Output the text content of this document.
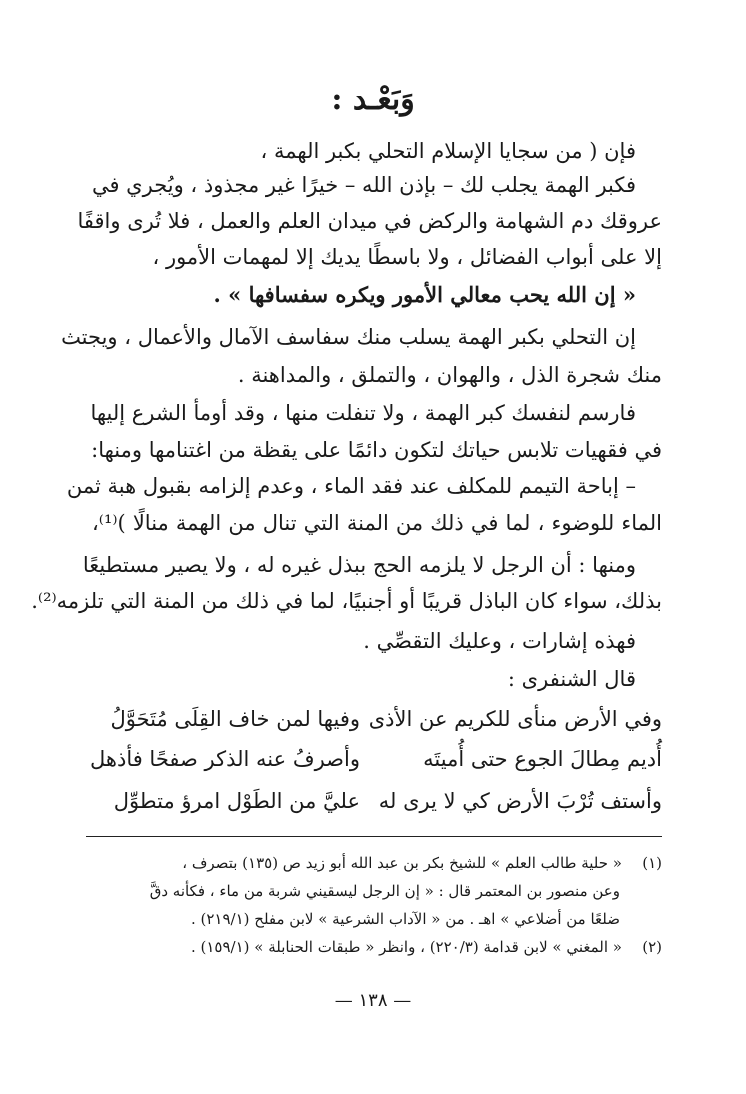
وَبَعْـد :
فإن ( من سجايا الإسلام التحلي بكبر الهمة ،
فكبر الهمة يجلب لك – بإذن الله – خيرًا غير مجذوذ ، ويُجري في
عروقك دم الشهامة والركض في ميدان العلم والعمل ، فلا تُرى واقفًا
إلا على أبواب الفضائل ، ولا باسطًا يديك إلا لمهمات الأمور ،
« إن الله يحب معالي الأمور ويكره سفسافها » .
إن التحلي بكبر الهمة يسلب منك سفاسف الآمال والأعمال ، ويجتث
منك شجرة الذل ، والهوان ، والتملق ، والمداهنة .
فارسم لنفسك كبر الهمة ، ولا تنفلت منها ، وقد أومأ الشرع إليها
في فقهيات تلابس حياتك لتكون دائمًا على يقظة من اغتنامها ومنها:
– إباحة التيمم للمكلف عند فقد الماء ، وعدم إلزامه بقبول هبة ثمن
الماء للوضوء ، لما في ذلك من المنة التي تنال من الهمة منالًا )⁽¹⁾،
ومنها : أن الرجل لا يلزمه الحج ببذل غيره له ، ولا يصير مستطيعًا
بذلك، سواء كان الباذل قريبًا أو أجنبيًا، لما في ذلك من المنة التي تلزمه⁽²⁾.
فهذه إشارات ، وعليك التقصِّي .
قال الشنفرى :
وفي الأرض منأى للكريم عن الأذى
وفيها لمن خاف القِلَى مُتَحَوَّلُ
أُديم مِطالَ الجوع حتى أُميتَه
وأصرفُ عنه الذكر صفحًا فأذهل
وأستف تُرْبَ الأرض كي لا يرى له
عليَّ من الطَوْل امرؤ متطوِّل
(١)« حلية طالب العلم » للشيخ بكر بن عبد الله أبو زيد ص (١٣٥) بتصرف ،
وعن منصور بن المعتمر قال : « إن الرجل ليسقيني شربة من ماء ، فكأنه دقَّ
ضلعًا من أضلاعي » اهـ . من « الآداب الشرعية » لابن مفلح (٢١٩/١) .
(٢)« المغني » لابن قدامة (٢٢٠/٣) ، وانظر « طبقات الحنابلة » (١٥٩/١) .
— ١٣٨ —
